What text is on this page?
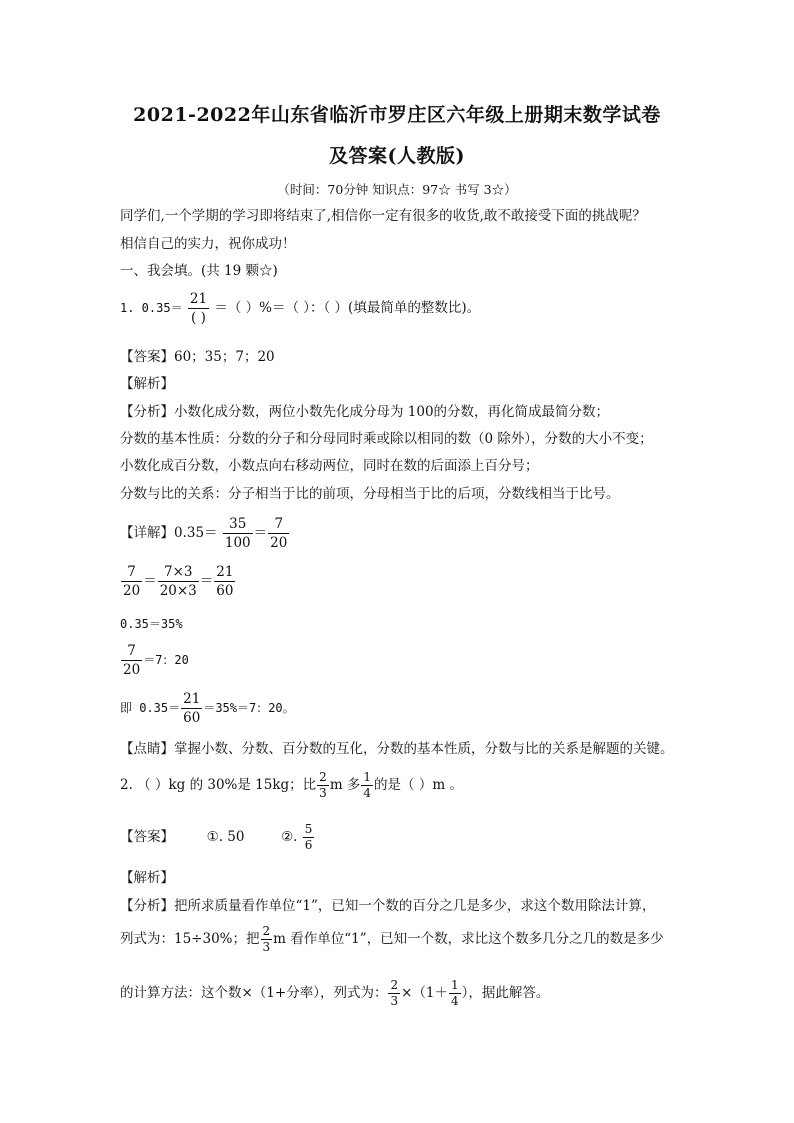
2021-2022年山东省临沂市罗庄区六年级上册期末数学试卷
及答案(人教版)
（时间：70分钟 知识点：97☆ 书写 3☆）
同学们,一个学期的学习即将结束了,相信你一定有很多的收货,敢不敢接受下面的挑战呢？
相信自己的实力，祝你成功！
一、我会填。(共 19 颗☆)
1. $0.35= \frac{21}{( )}$ ＝（ ）%＝（ ）：（ ）(填最简单的整数比)。
【答案】60；35；7；20
【解析】
【分析】小数化成分数，两位小数先化成分母为 100的分数，再化简成最简分数；
分数的基本性质：分数的分子和分母同时乘或除以相同的数（0 除外），分数的大小不变；
小数化成百分数，小数点向右移动两位，同时在数的后面添上百分号；
分数与比的关系：分子相当于比的前项，分母相当于比的后项，分数线相当于比号。
【详解】$0.35= \frac{35}{100} = \frac{7}{20}$
$\frac{7}{20} = \frac{7\times 3}{20\times 3} = \frac{21}{60}$
0.35＝35%
$\frac{7}{20} =7$：20
即 $0.35= \frac{21}{60} =35\%=7$：20。
【点睛】掌握小数、分数、百分数的互化，分数的基本性质，分数与比的关系是解题的关键。
2. （ ）kg 的 30%是 15kg；比 $\frac{2}{3}$ m 多 $\frac{1}{4}$ 的是（ ）m 。
【答案】 ①. 50	②. $\frac{5}{6}$
【解析】
【分析】把所求质量看作单位“1”，已知一个数的百分之几是多少，求这个数用除法计算，
列式为：15÷30%；把 $\frac{2}{3}$ m 看作单位“1”，已知一个数，求比这个数多几分之几的数是多少
的计算方法：这个数×（1+分率），列式为： $\frac{2}{3} \times(1+ \frac{1}{4}$ ），据此解答。
